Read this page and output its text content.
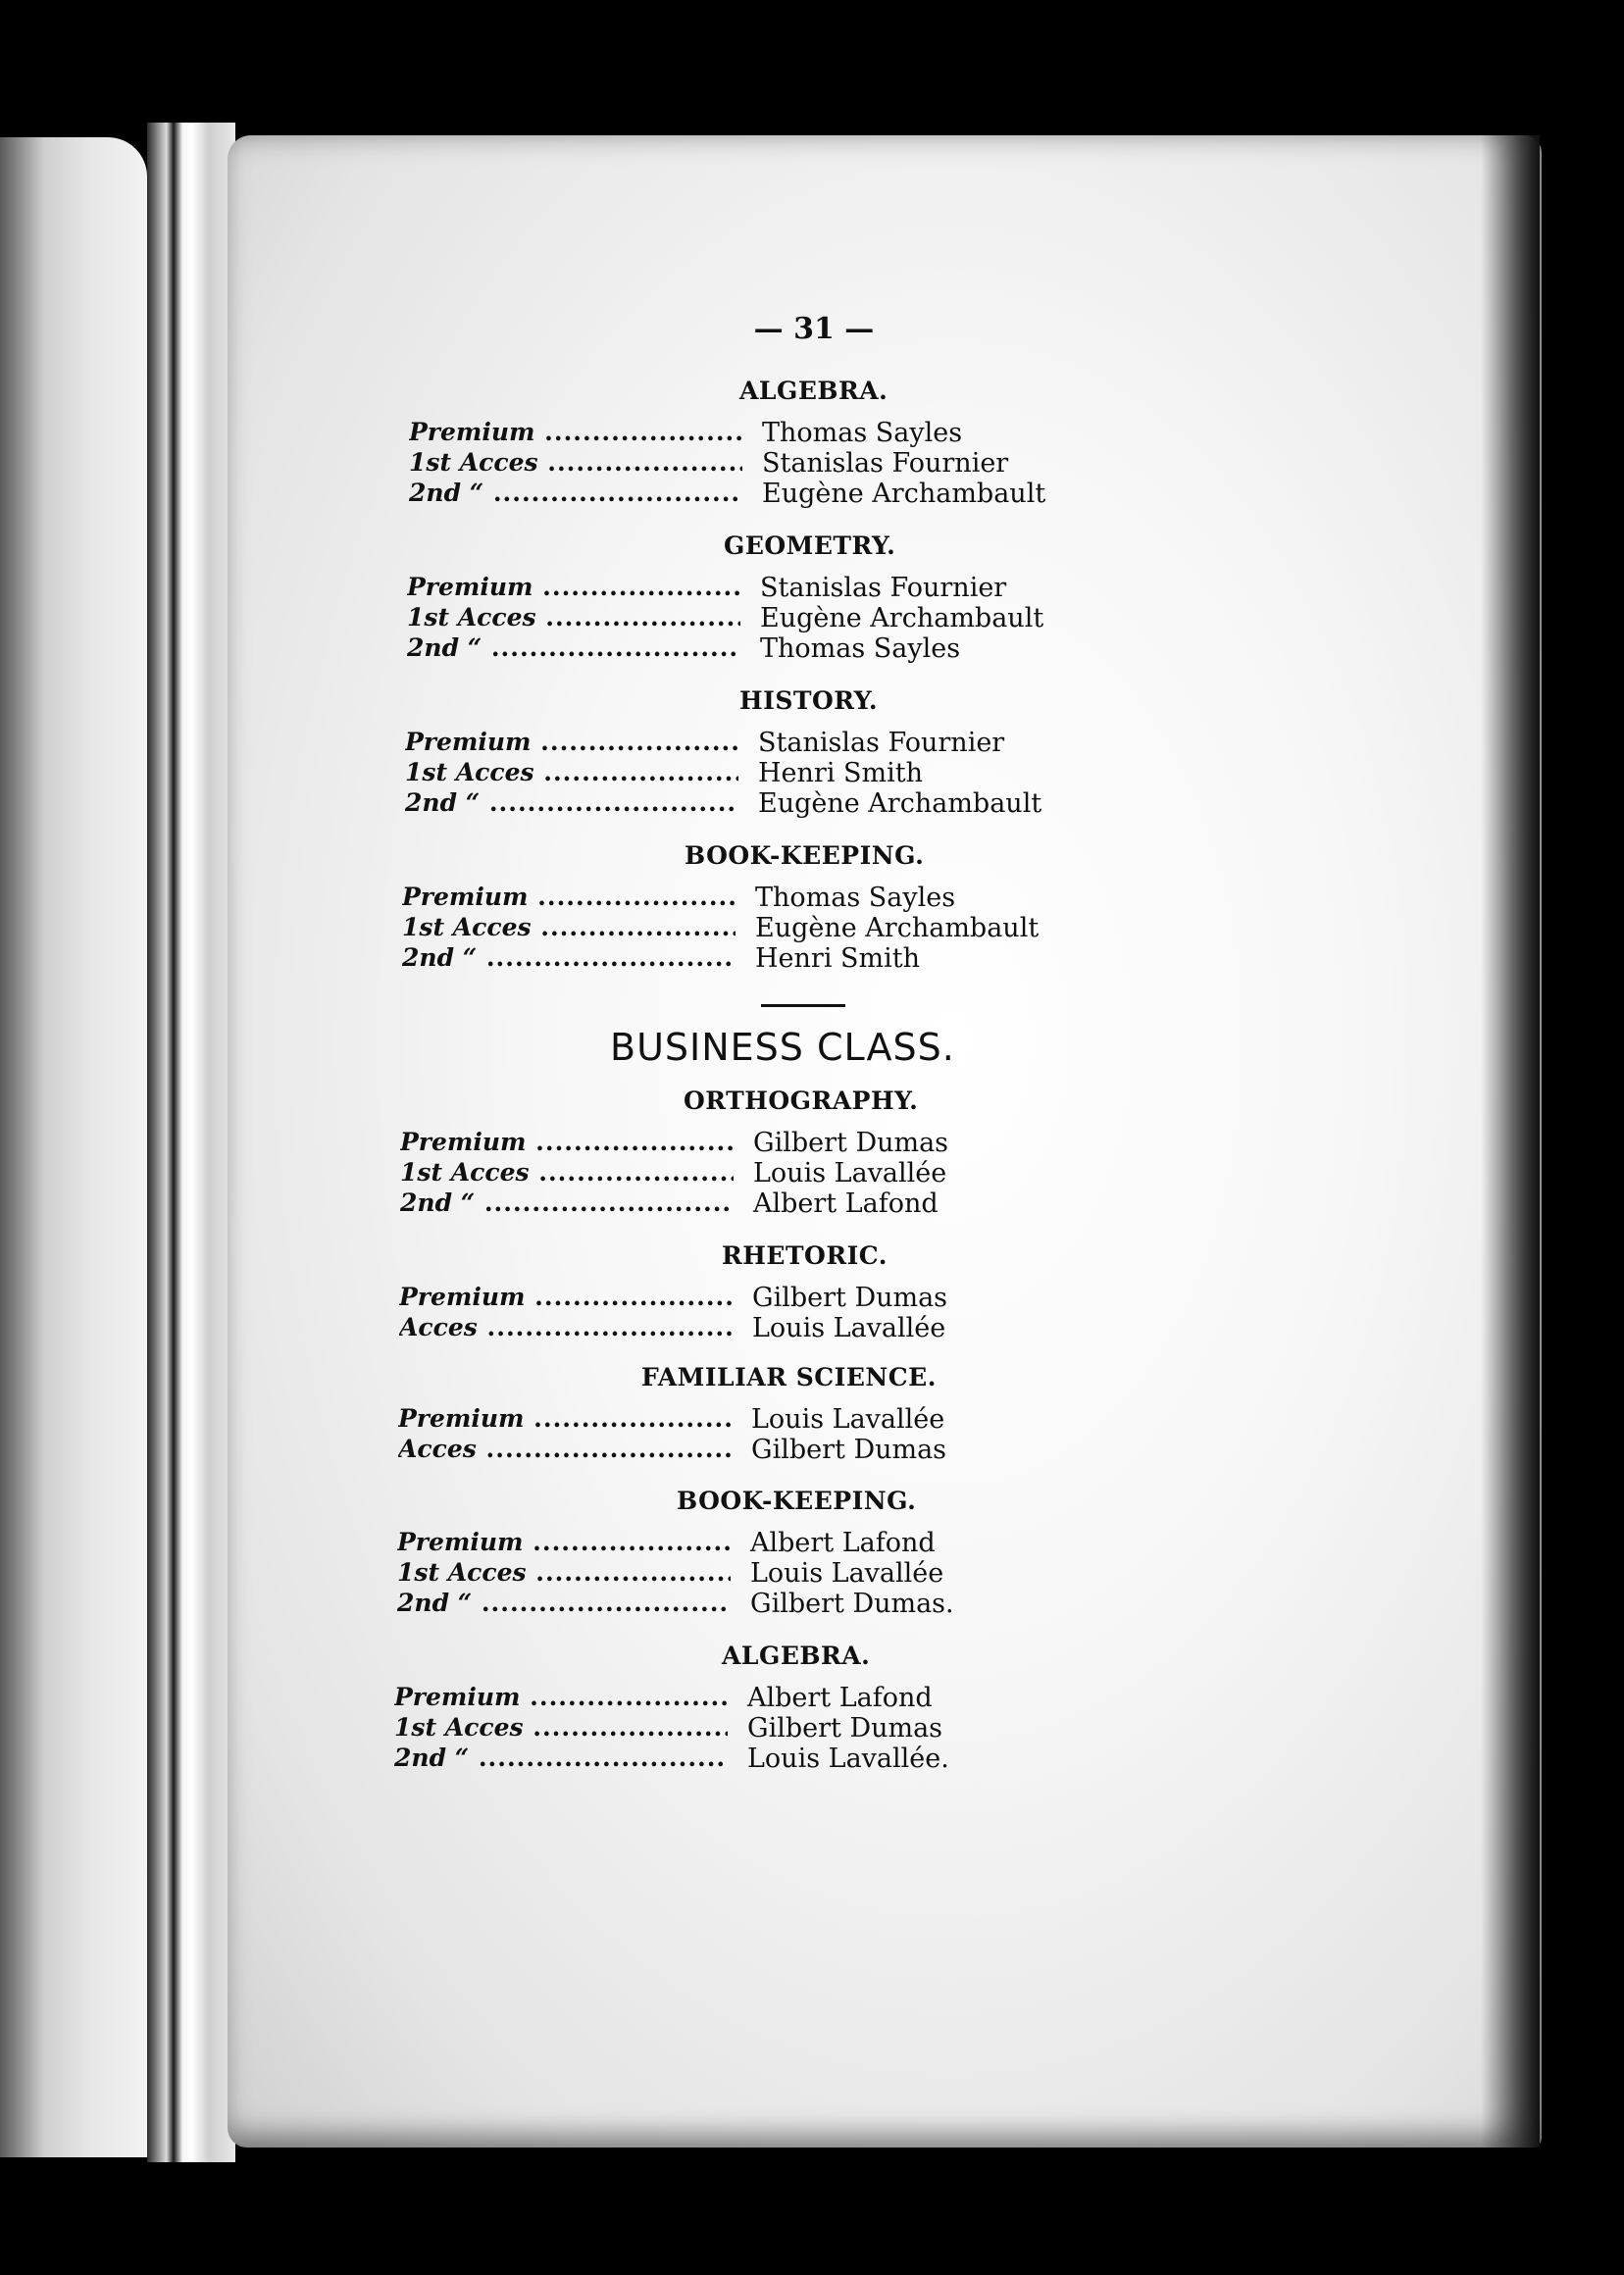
— 31 —
ALGEBRA.
Premium .....	Thomas Sayles
1st Acces .....	Stanislas Fournier
2nd “ .....	Eugène Archambault
GEOMETRY.
Premium .....	Stanislas Fournier
1st Acces .....	Eugène Archambault
2nd “ .....	Thomas Sayles
HISTORY.
Premium .....	Stanislas Fournier
1st Acces .....	Henri Smith
2nd “ .....	Eugène Archambault
BOOK-KEEPING.
Premium .....	Thomas Sayles
1st Acces .....	Eugène Archambault
2nd “ .....	Henri Smith
BUSINESS CLASS.
ORTHOGRAPHY.
Premium .....	Gilbert Dumas
1st Acces .....	Louis Lavallée
2nd “ .....	Albert Lafond
RHETORIC.
Premium .....	Gilbert Dumas
Acces .....	Louis Lavallée
FAMILIAR SCIENCE.
Premium .....	Louis Lavallée
Acces .....	Gilbert Dumas
BOOK-KEEPING.
Premium .....	Albert Lafond
1st Acces .....	Louis Lavallée
2nd “ .....	Gilbert Dumas.
ALGEBRA.
Premium .....	Albert Lafond
1st Acces .....	Gilbert Dumas
2nd “ .....	Louis Lavallée.
